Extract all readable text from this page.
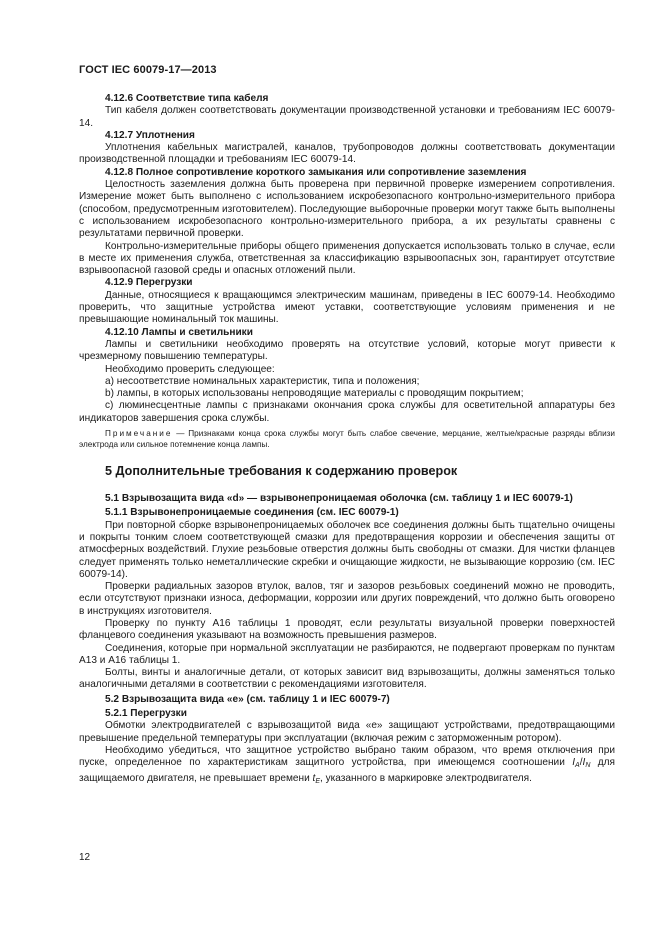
ГОСТ IEC 60079-17—2013
4.12.6 Соответствие типа кабеля
Тип кабеля должен соответствовать документации производственной установки и требованиям IEC 60079-14.
4.12.7 Уплотнения
Уплотнения кабельных магистралей, каналов, трубопроводов должны соответствовать документации производственной площадки и требованиям IEC 60079-14.
4.12.8 Полное сопротивление короткого замыкания или сопротивление заземления
Целостность заземления должна быть проверена при первичной проверке измерением сопротивления. Измерение может быть выполнено с использованием искробезопасного контрольно-измерительного прибора (способом, предусмотренным изготовителем). Последующие выборочные проверки могут также быть выполнены с использованием искробезопасного контрольно-измерительного прибора, а их результаты сравнены с результатами первичной проверки.
Контрольно-измерительные приборы общего применения допускается использовать только в случае, если в месте их применения служба, ответственная за классификацию взрывоопасных зон, гарантирует отсутствие взрывоопасной газовой среды и опасных отложений пыли.
4.12.9 Перегрузки
Данные, относящиеся к вращающимся электрическим машинам, приведены в IEC 60079-14. Необходимо проверить, что защитные устройства имеют уставки, соответствующие условиям применения и не превышающие номинальный ток машины.
4.12.10 Лампы и светильники
Лампы и светильники необходимо проверять на отсутствие условий, которые могут привести к чрезмерному повышению температуры.
Необходимо проверить следующее:
а) несоответствие номинальных характеристик, типа и положения;
b) лампы, в которых использованы непроводящие материалы с проводящим покрытием;
с) люминесцентные лампы с признаками окончания срока службы для осветительной аппаратуры без индикаторов завершения срока службы.
Примечание — Признаками конца срока службы могут быть слабое свечение, мерцание, желтые/красные разряды вблизи электрода или сильное потемнение конца лампы.
5 Дополнительные требования к содержанию проверок
5.1 Взрывозащита вида «d» — взрывонепроницаемая оболочка (см. таблицу 1 и IEC 60079-1)
5.1.1 Взрывонепроницаемые соединения (см. IEC 60079-1)
При повторной сборке взрывонепроницаемых оболочек все соединения должны быть тщательно очищены и покрыты тонким слоем соответствующей смазки для предотвращения коррозии и обеспечения защиты от атмосферных воздействий. Глухие резьбовые отверстия должны быть свободны от смазки. Для чистки фланцев следует применять только неметаллические скребки и очищающие жидкости, не вызывающие коррозию (см. IEC 60079-14).
Проверки радиальных зазоров втулок, валов, тяг и зазоров резьбовых соединений можно не проводить, если отсутствуют признаки износа, деформации, коррозии или других повреждений, что должно быть оговорено в инструкциях изготовителя.
Проверку по пункту А16 таблицы 1 проводят, если результаты визуальной проверки поверхностей фланцевого соединения указывают на возможность превышения размеров.
Соединения, которые при нормальной эксплуатации не разбираются, не подвергают проверкам по пунктам А13 и А16 таблицы 1.
Болты, винты и аналогичные детали, от которых зависит вид взрывозащиты, должны заменяться только аналогичными деталями в соответствии с рекомендациями изготовителя.
5.2 Взрывозащита вида «е» (см. таблицу 1 и IEC 60079-7)
5.2.1 Перегрузки
Обмотки электродвигателей с взрывозащитой вида «е» защищают устройствами, предотвращающими превышение предельной температуры при эксплуатации (включая режим с заторможенным ротором).
Необходимо убедиться, что защитное устройство выбрано таким образом, что время отключения при пуске, определенное по характеристикам защитного устройства, при имеющемся соотношении $I_A/I_N$ для защищаемого двигателя, не превышает времени $t_E$, указанного в маркировке электродвигателя.
12
